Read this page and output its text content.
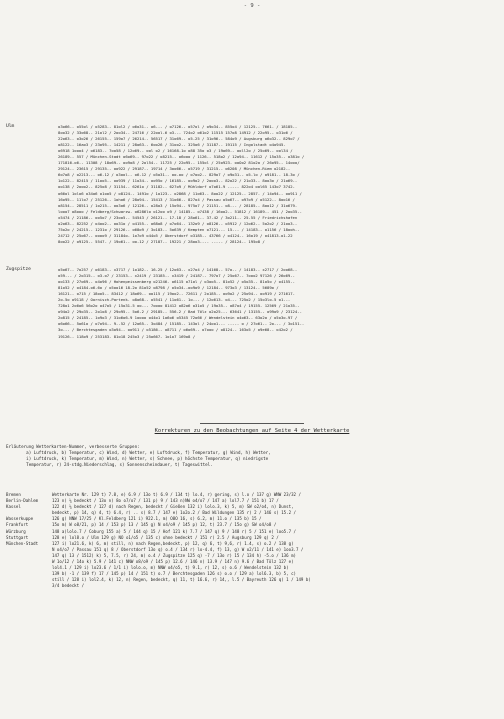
- 9 -
Ulm	o3o66-- o55ol / o5283-- 81ol2 / o6o31-- o6--- / o7126-- o57ol / o9o34-- 855o4 / 12125-- 7661- / 18185--
8oo32 / 33o68-- 21ol2 / 2oo34-- 24716 / 22ool-6 o3--- 724o2 o61o2 11515 157o8 14912 / 22o95-- o31o6 /
22o63-- o3o26 / 26155-- 159o7 / 26214-- 56517 / 31o69-- o5-25 / 31o96-- 584o9 / Augsburg o6o32-- 829o7 /
o8122-- 16ao3 / 23o95-- 14211 / 28o63-- 6oo26 / 31oo2-- 325o6 / 31187-- 19115 / Ingolstadt o4o945-
o6918 1ooo4 / o6183-- 7oo58 / 12o69-- ool o2 / 16168-1o o88 35o o3 / 19o69-- ooll2o / 25o69-- ool34 /
26189-- 557 / München-Stadt o6o69-- 97o22 / o8215-- o6ooo / 1126-- 518o2 / 12o94-- 11612 / 15o35-- o381o /
171816-o6-- 11308 / 18o69-- oo9o8 / 2ol54-- 11725 / 22o95-- 155ol / 25o923- ooOo2 81o2o / 26o95-- 14ooo/
29124-- 23615 / 29135-- oo922 / 29187-- 19714 / 3oo66-- o5719 / 31215-- o6208 / München-Riem o2182--
6o7o8 / o2213--- o6-12 / o3ool-- o6-12 / o5o31-- oo-oo / o7oo2-- 829o7 / o9o31-- o5-lo / o9181-- 18-3o /
1o122-- 82415 / 11oo5-- oo939 / 11o34-- oo95o / 16185-- oo9o2 / 2ooo3-- 82o22 / 21o33-- 8oo3o / 21o69--
oo138 / 2ooo2-- 825o8 / 31154-- 6261o / 31182-- 627o9 / Mühldorf o7o61-9 ----- 822o4 ool65 143o7 3742-
o66ol 1olo6 o34o6 o1oo5 / o8124-- 1491o / 1o123-- o2868 / 11o63-- 8oo22 / 12125-- 2857- / 14o94-- oo911 /
16o95-- 11lo7 / 25126-- 1oho6 / 28o94-- 15413 / 31o66-- 827o4 / Passau o5o67-- o97o9 / o5122-- 8oo16 /
o8154-- 28511 / 1o215-- oo3o6 / 12126-- o28o3 / 15o94-- 975o7 / 21151-- o8--- / 28185-- 8oo12 / 31o679-
looo7 o8ooo / Feldberg/Schwarzw. o6286lo o12oo o9 / 14185-- o7438 / 16oo2-- 51812 / 16189-- 451 / 2oo35--
x5474 / 21186-- oo5o7 / 23oo5-- 54543 / 26121-- 17-18 / 28o61-- 37-42 / 3o211-- 25-55 / Friedrichshafen
o2o63-- 82252 / o4oo2-- oo31o / o4155-- o68o8 / o7o64-- 132o9 / o8126-- o5912 / 12o62-- 5o2o2 / 21oo3--
75o2o / 24215-- 1231o / 29126-- o68o9 / 3o183-- 5o639 / Kempten o7121--- 15--- / 14183-- o1156 / 18ooh--
24712 / 25o67-- oooo9 / 31184o- 1o7o9 o44o5 / Oberstdorf o3185-- 43766 / o4124-- 16o19 / o41813-o1-22
8oo22 / o9125-- 5547- / 19o61-- oo-12 / 27187-- 19221 / 28oo3---- ----- / 28124-- 195o8 /
Zugspitze	o5o67-- 7o257 / o6183-- x3717 / 1o182-- 16-25 / 12o63-- x27o4 / 14168-- 57o-- / 14183-- x2717 / 2oo68--
o59--- / 2o315-- o3-o7 / 23153-- x2419 / 23185-- x3419 / 24187-- 797o7 / 25o67-- 7ooo2 97126 / 26o69--
oo133 / 27o69-- o4o96 / Hohenpeissenberg o21246- o6115 o71ol / o3oo5-- 81o52 / o5o35-- 81o5o / o4155--
81o52 / o4184-o6-6o / o5oo16 18-2o 81o52 o8798 / o5o34--oo9o9 / 12184-- 973o3 / 13124-- 5689o /
16121-- o715 / 18oo5-- 83412 / 18o69-- oo115 / 19oo2-- 72611 / 2o185-- oo9o2 / 25o94-- oo919 / 271617-
2o-5o o9118 / Oornisch-Partenk. o8o68-- o5541 / 11o61-- 1o--- / 12o613- o4--- 725o2 / 15o3lo-5 o1---
728o1 2o6o6 56o2o o47o5 / 15o31-5 oo--- 7oooo 81412 o82o6 o31o5 / 19o35-- o87o4 / 19155- 12569 / 21o35--
o94o2 / 29o35-- 2o1o8 / 29o95-- 5o6-2 / 29185-- 556-2 / Bad Tölz o2o25--- 63641 / 13155-- o99o9 / 23124--
2o815 / 24185-- 1o9o3 / 31o6o6-9 1oooo o44o1 1o6o6 o5345 72o66 / Wendelstein o4o63-- 63o2o / o5o3o-97 /
o6o66-- 5o61o / o7o94-- 9--52 / 12o65-- 3o484 / 15185-- 143ol / 24oo1--- ----- o / 27o61-- 2o--- / 3o151--
3o--- / Berchtesgaden o3o94-- oo911 / o5186-- o8711 / o6o69-- o7ooo / o8124-- 163o5 / o9e68-- o42o2 /
19126-- 118o9 / 253183- 81o18 245o3 / 25o667- 1o1o7 169o8 /
Korrekturen zu den Beobachtungen auf Seite 4 der Wetterkarte
Erläuterung Wetterkarten-Nummer, verbesserte Gruppen:
a) Luftdruck, b) Temperatur, c) Wind, d) Wetter, e) Luftdruck, f) Temperatur, g) Wind, h) Wetter,
i) Luftdruck, k) Temperatur, m) Wind, n) Wetter, s) Schnee, p) höchste Temperatur, q) niedrigste
Temperatur, r) 24-stdg.Niederschlag, s) Sonnenscheindauer, t) Tageswittel.
Bremen	Wetterkarte Nr. 129 t) 7.8, e) 6.9 / 13o t) 6.9 / 134 t) lo.4, r) gering, s) l.o / 137 g) WNW 23/32 /
Berlin-Dahlem	123 n) ¼ bedeckt / 13o n) 8o o7/o7 / 131 p) 9 / 143 n)NW o4/o7 / 147 a) lol7.7 / 151 b) 17 /
Kassel	122 d) ¼ bedeckt / 127 d) nach Regen, bedeckt / Gießen 132 i) lolo.3, k) 5, m) SW o2/o4, n) Dunst,
bedeckt, p) 14, q) 4, t) 6.4, r) .. s) 8.7 / 147 e) 1o2o.2 / Bad Wildungen 135 r) 2 / 146 s) 15.2 /
Wasserkuppe	126 g) NNW 17/25 / Kl.Feldberg 121 i) 922.1, m) O8O 16, s) 6.2, m) 11.o / 135 b) 15 /
Frankfurt	15o m) W o8/21, p) 14 / 153 p) 13 / 145 g) N o4/o9 / 145 p) 12, t) 23.7 / 15o g) SW o4/o8 /
Würzburg	148 a)lolo.7 / Coburg 155 a) 5 / 144 q) 15 / Hof 121 k) 7.7 / 147 q) 9 / 148 r) 5 / 151 e) loo5.7 /
Stuttgart	128 e) lol8.o / Ulm 129 g) NO o1/o5 / 135 c) ohne bedeckt / 151 r) 2.5 / Augsburg 129 q) 2 /
München-Stadt	127 i) lo21.6, k) 6, m) still, n) nach Regen,bedeckt, p) 12, q) 6, t) 9,6, r) 1.4, s) o.2 / 138 g)
N o4/o7 / Passau 151 q) 8 / Oberstdorf 13o q) o.4 / 134 r) lo-4.4, f) 13, g) W o2/11 / 141 e) 1oo3.7 /
147 q) 13 / 1512) k) 5, 7.5, r) 24, m) o.4 / Zugspitze 125 q) -7 / 13o r) 15 / 134 h) -5.o / 136 m)
W 1o/12 / 14o k) 5.9 / 141 c) NNW o8/o9 / 145 p) 12.6 / 146 n) 13.9 / 147 n) 9.6 / Bad Tölz 127 e)
lol4.1 / 129 i) lo23.6 / 1/1 i) lolo.o, m) NNW o4/o5, t) 9.1, r) 12, s) o.6 / Wendelstein 132 b)
139 b) -1 / 139 f) 17 / 145 p) 14 / 151 t) o.7 / Berchtesgaden 126 s) o.o / 129 a) lol6.3, b) 5, c)
still / 128 i) lol2.4, k) 12, n) Regen, bedeckt, q) 11, t) 16.6, r) 14,, l.5 / Bayreuth 126 q) 1 / 149 b)
3/4 bedeckt /
